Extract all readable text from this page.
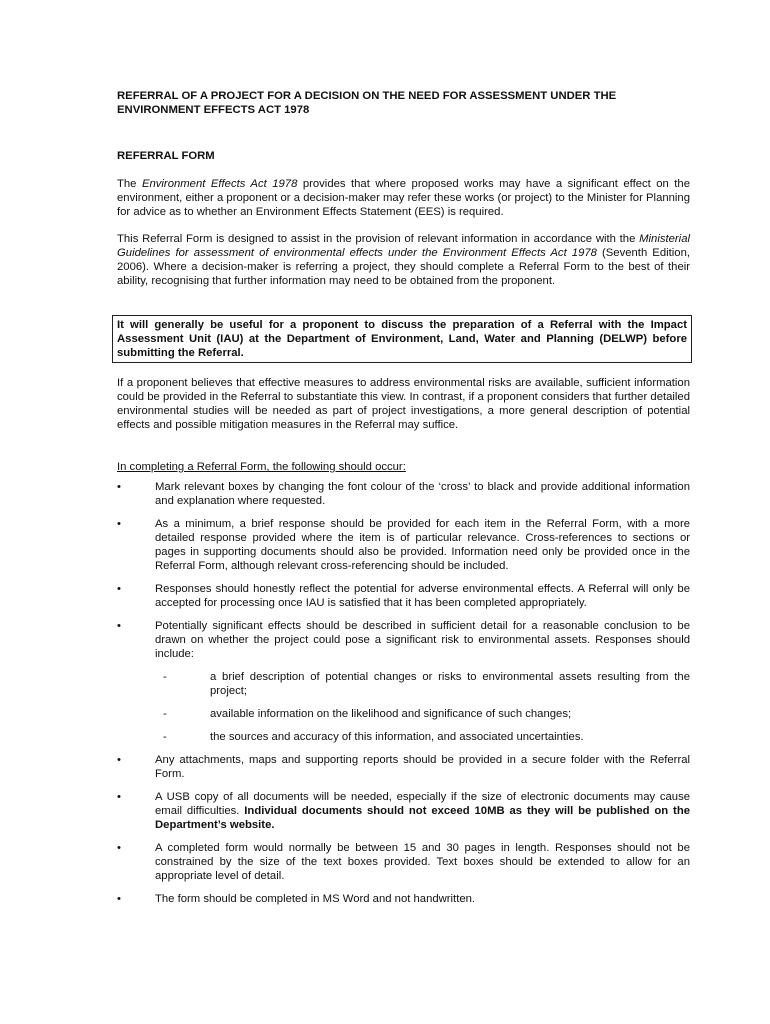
REFERRAL OF A PROJECT FOR A DECISION ON THE NEED FOR ASSESSMENT UNDER THE ENVIRONMENT EFFECTS ACT 1978

REFERRAL FORM

The Environment Effects Act 1978 provides that where proposed works may have a significant effect on the environment, either a proponent or a decision-maker may refer these works (or project) to the Minister for Planning for advice as to whether an Environment Effects Statement (EES) is required.

This Referral Form is designed to assist in the provision of relevant information in accordance with the Ministerial Guidelines for assessment of environmental effects under the Environment Effects Act 1978 (Seventh Edition, 2006). Where a decision-maker is referring a project, they should complete a Referral Form to the best of their ability, recognising that further information may need to be obtained from the proponent.

It will generally be useful for a proponent to discuss the preparation of a Referral with the Impact Assessment Unit (IAU) at the Department of Environment, Land, Water and Planning (DELWP) before submitting the Referral.

If a proponent believes that effective measures to address environmental risks are available, sufficient information could be provided in the Referral to substantiate this view. In contrast, if a proponent considers that further detailed environmental studies will be needed as part of project investigations, a more general description of potential effects and possible mitigation measures in the Referral may suffice.

In completing a Referral Form, the following should occur:

•	Mark relevant boxes by changing the font colour of the ‘cross’ to black and provide additional information and explanation where requested.
•	As a minimum, a brief response should be provided for each item in the Referral Form, with a more detailed response provided where the item is of particular relevance. Cross-references to sections or pages in supporting documents should also be provided. Information need only be provided once in the Referral Form, although relevant cross-referencing should be included.
•	Responses should honestly reflect the potential for adverse environmental effects. A Referral will only be accepted for processing once IAU is satisfied that it has been completed appropriately.
•	Potentially significant effects should be described in sufficient detail for a reasonable conclusion to be drawn on whether the project could pose a significant risk to environmental assets. Responses should include:
-	a brief description of potential changes or risks to environmental assets resulting from the project;
-	available information on the likelihood and significance of such changes;
-	the sources and accuracy of this information, and associated uncertainties.
•	Any attachments, maps and supporting reports should be provided in a secure folder with the Referral Form.
•	A USB copy of all documents will be needed, especially if the size of electronic documents may cause email difficulties. Individual documents should not exceed 10MB as they will be published on the Department’s website.
•	A completed form would normally be between 15 and 30 pages in length. Responses should not be constrained by the size of the text boxes provided. Text boxes should be extended to allow for an appropriate level of detail.
•	The form should be completed in MS Word and not handwritten.
